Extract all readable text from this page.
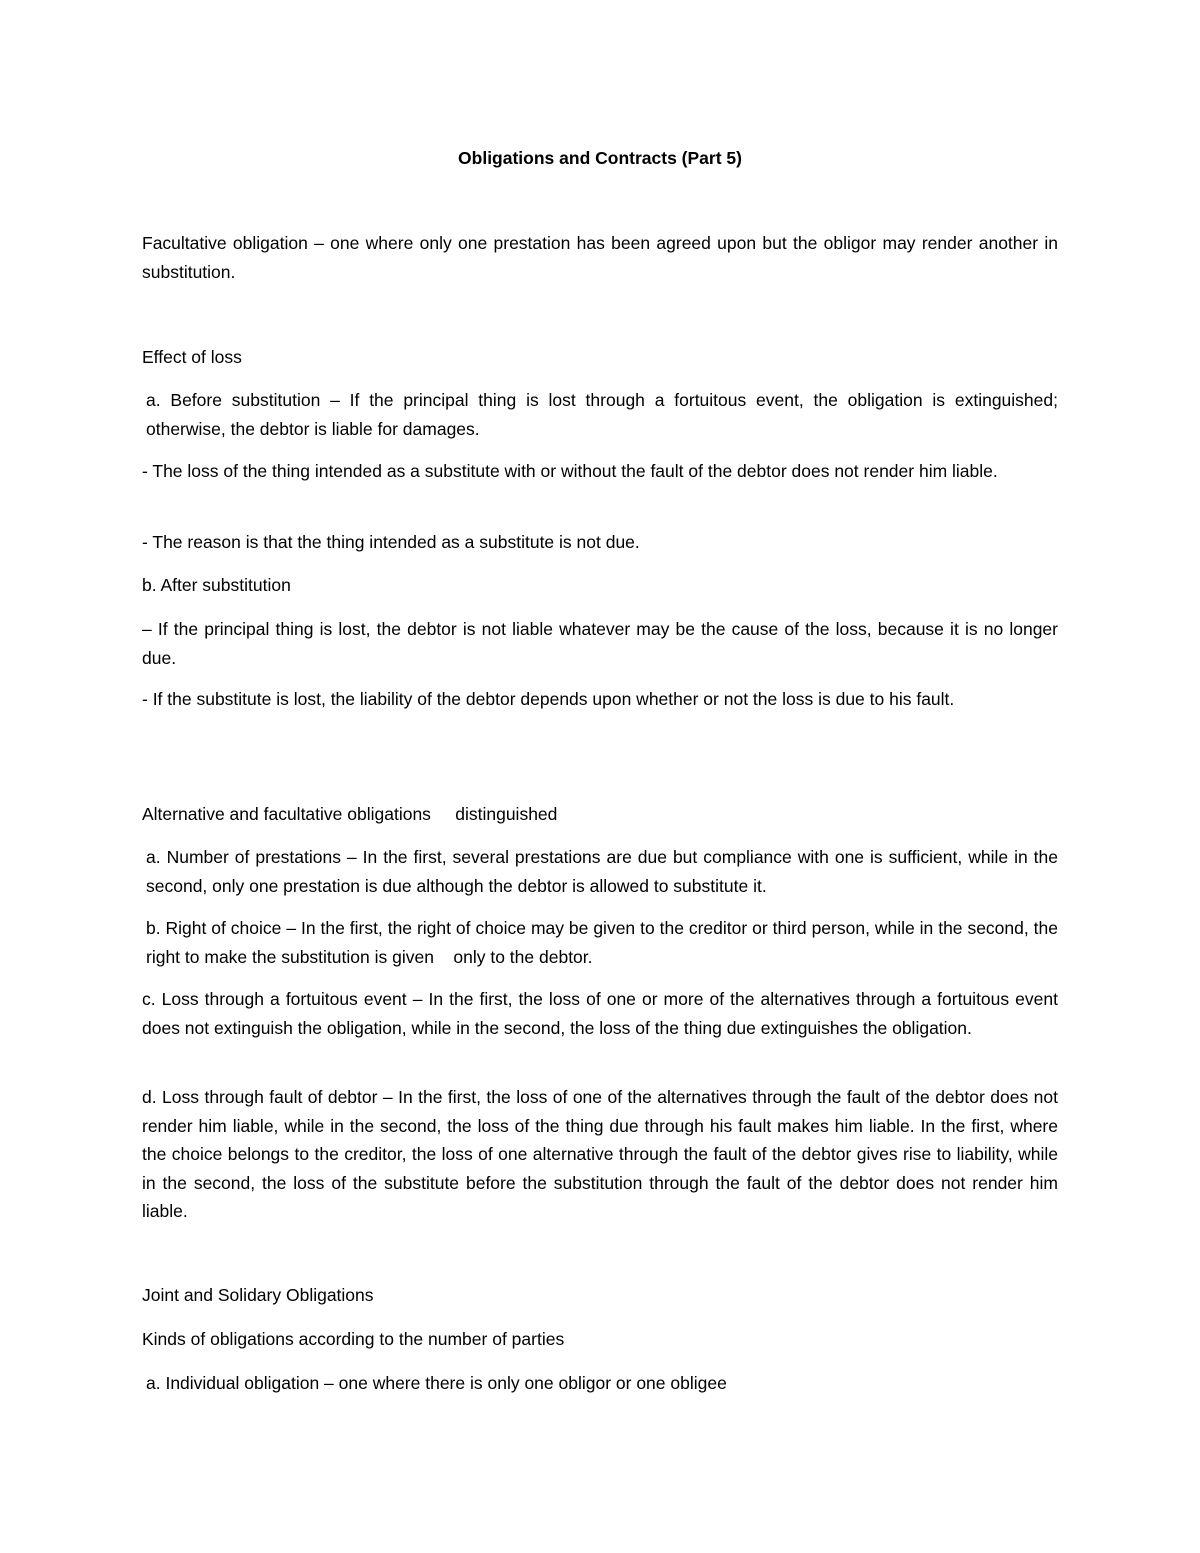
Obligations and Contracts (Part 5)
Facultative obligation – one where only one prestation has been agreed upon but the obligor may render another in substitution.
Effect of loss
a. Before substitution – If the principal thing is lost through a fortuitous event, the obligation is extinguished; otherwise, the debtor is liable for damages.
- The loss of the thing intended as a substitute with or without the fault of the debtor does not render him liable.
- The reason is that the thing intended as a substitute is not due.
b. After substitution
– If the principal thing is lost, the debtor is not liable whatever may be the cause of the loss, because it is no longer due.
- If the substitute is lost, the liability of the debtor depends upon whether or not the loss is due to his fault.
Alternative and facultative obligations     distinguished
a. Number of prestations – In the first, several prestations are due but compliance with one is sufficient, while in the second, only one prestation is due although the debtor is allowed to substitute it.
b. Right of choice – In the first, the right of choice may be given to the creditor or third person, while in the second, the right to make the substitution is given    only to the debtor.
c. Loss through a fortuitous event – In the first, the loss of one or more of the alternatives through a fortuitous event does not extinguish the obligation, while in the second, the loss of the thing due extinguishes the obligation.
d. Loss through fault of debtor – In the first, the loss of one of the alternatives through the fault of the debtor does not render him liable, while in the second, the loss of the thing due through his fault makes him liable. In the first, where the choice belongs to the creditor, the loss of one alternative through the fault of the debtor gives rise to liability, while in the second, the loss of the substitute before the substitution through the fault of the debtor does not render him liable.
Joint and Solidary Obligations
Kinds of obligations according to the number of parties
a. Individual obligation – one where there is only one obligor or one obligee
